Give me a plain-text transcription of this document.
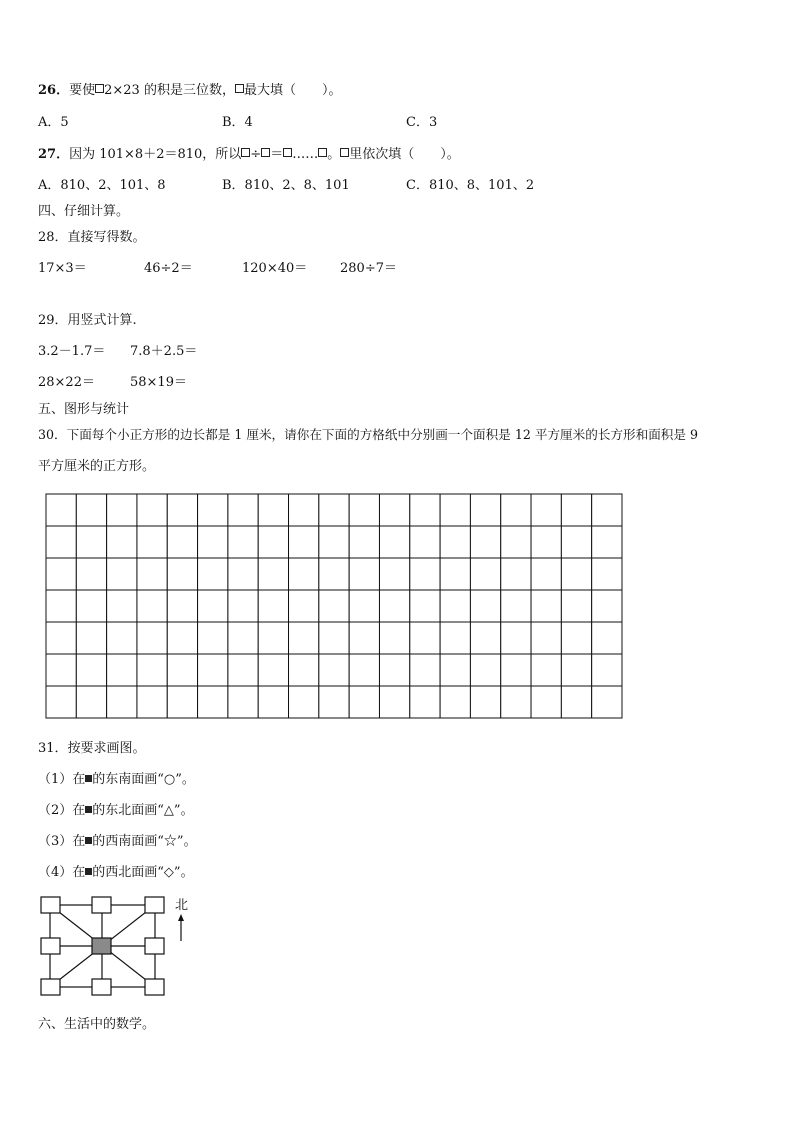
26．要使 2×23 的积是三位数， 最大填（　　）。
A．5	B．4	C．3
27．因为 101×8＋2＝810，所以 ÷ ＝ …… 。 里依次填（　　）。
A．810、2、101、8	B．810、2、8、101	C．810、8、101、2
四、仔细计算。
28．直接写得数。
17×3＝	46÷2＝	120×40＝	280÷7＝
29．用竖式计算.
3.2－1.7＝ 7.8＋2.5＝
28×22＝	58×19＝
五、图形与统计
30．下面每个小正方形的边长都是 1 厘米，请你在下面的方格纸中分别画一个面积是 12 平方厘米的长方形和面积是 9
平方厘米的正方形。
31．按要求画图。
（1）在 的东南面画“○”。
（2）在 的东北面画“△”。
（3）在 的西南面画“☆”。
（4）在 的西北面画“◇”。
北
六、生活中的数学。
